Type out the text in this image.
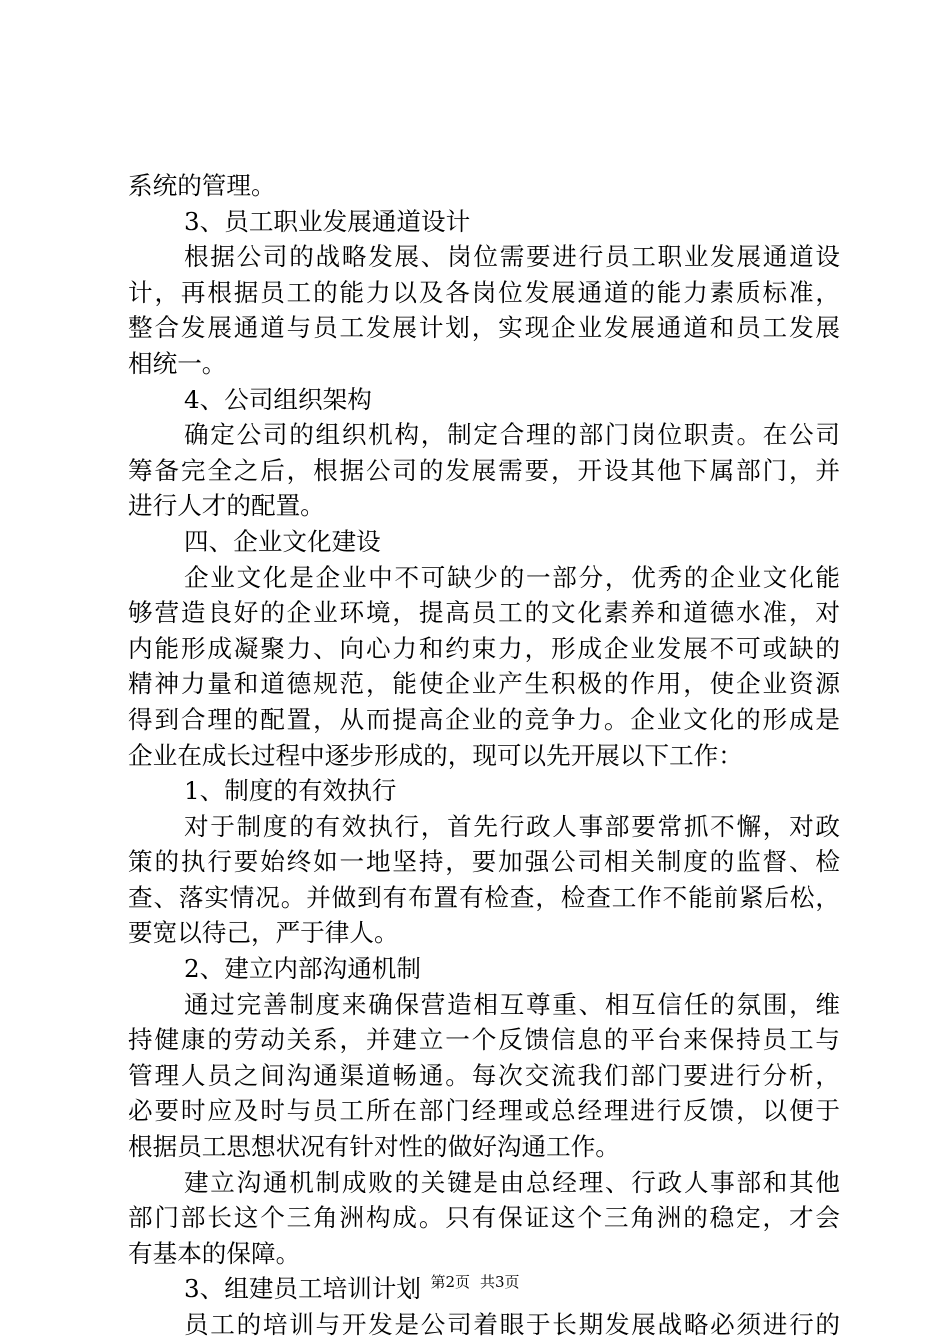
系统的管理。
3、员工职业发展通道设计
根据公司的战略发展、岗位需要进行员工职业发展通道设
计，再根据员工的能力以及各岗位发展通道的能力素质标准，
整合发展通道与员工发展计划，实现企业发展通道和员工发展
相统一。
4、公司组织架构
确定公司的组织机构，制定合理的部门岗位职责。在公司
筹备完全之后，根据公司的发展需要，开设其他下属部门，并
进行人才的配置。
四、企业文化建设
企业文化是企业中不可缺少的一部分，优秀的企业文化能
够营造良好的企业环境，提高员工的文化素养和道德水准，对
内能形成凝聚力、向心力和约束力，形成企业发展不可或缺的
精神力量和道德规范，能使企业产生积极的作用，使企业资源
得到合理的配置，从而提高企业的竞争力。企业文化的形成是
企业在成长过程中逐步形成的，现可以先开展以下工作：
1、制度的有效执行
对于制度的有效执行，首先行政人事部要常抓不懈，对政
策的执行要始终如一地坚持，要加强公司相关制度的监督、检
查、落实情况。并做到有布置有检查，检查工作不能前紧后松，
要宽以待己，严于律人。
2、建立内部沟通机制
通过完善制度来确保营造相互尊重、相互信任的氛围，维
持健康的劳动关系，并建立一个反馈信息的平台来保持员工与
管理人员之间沟通渠道畅通。每次交流我们部门要进行分析，
必要时应及时与员工所在部门经理或总经理进行反馈，以便于
根据员工思想状况有针对性的做好沟通工作。
建立沟通机制成败的关键是由总经理、行政人事部和其他
部门部长这个三角洲构成。只有保证这个三角洲的稳定，才会
有基本的保障。
3、组建员工培训计划
员工的培训与开发是公司着眼于长期发展战略必须进行的
第2页 共3页
